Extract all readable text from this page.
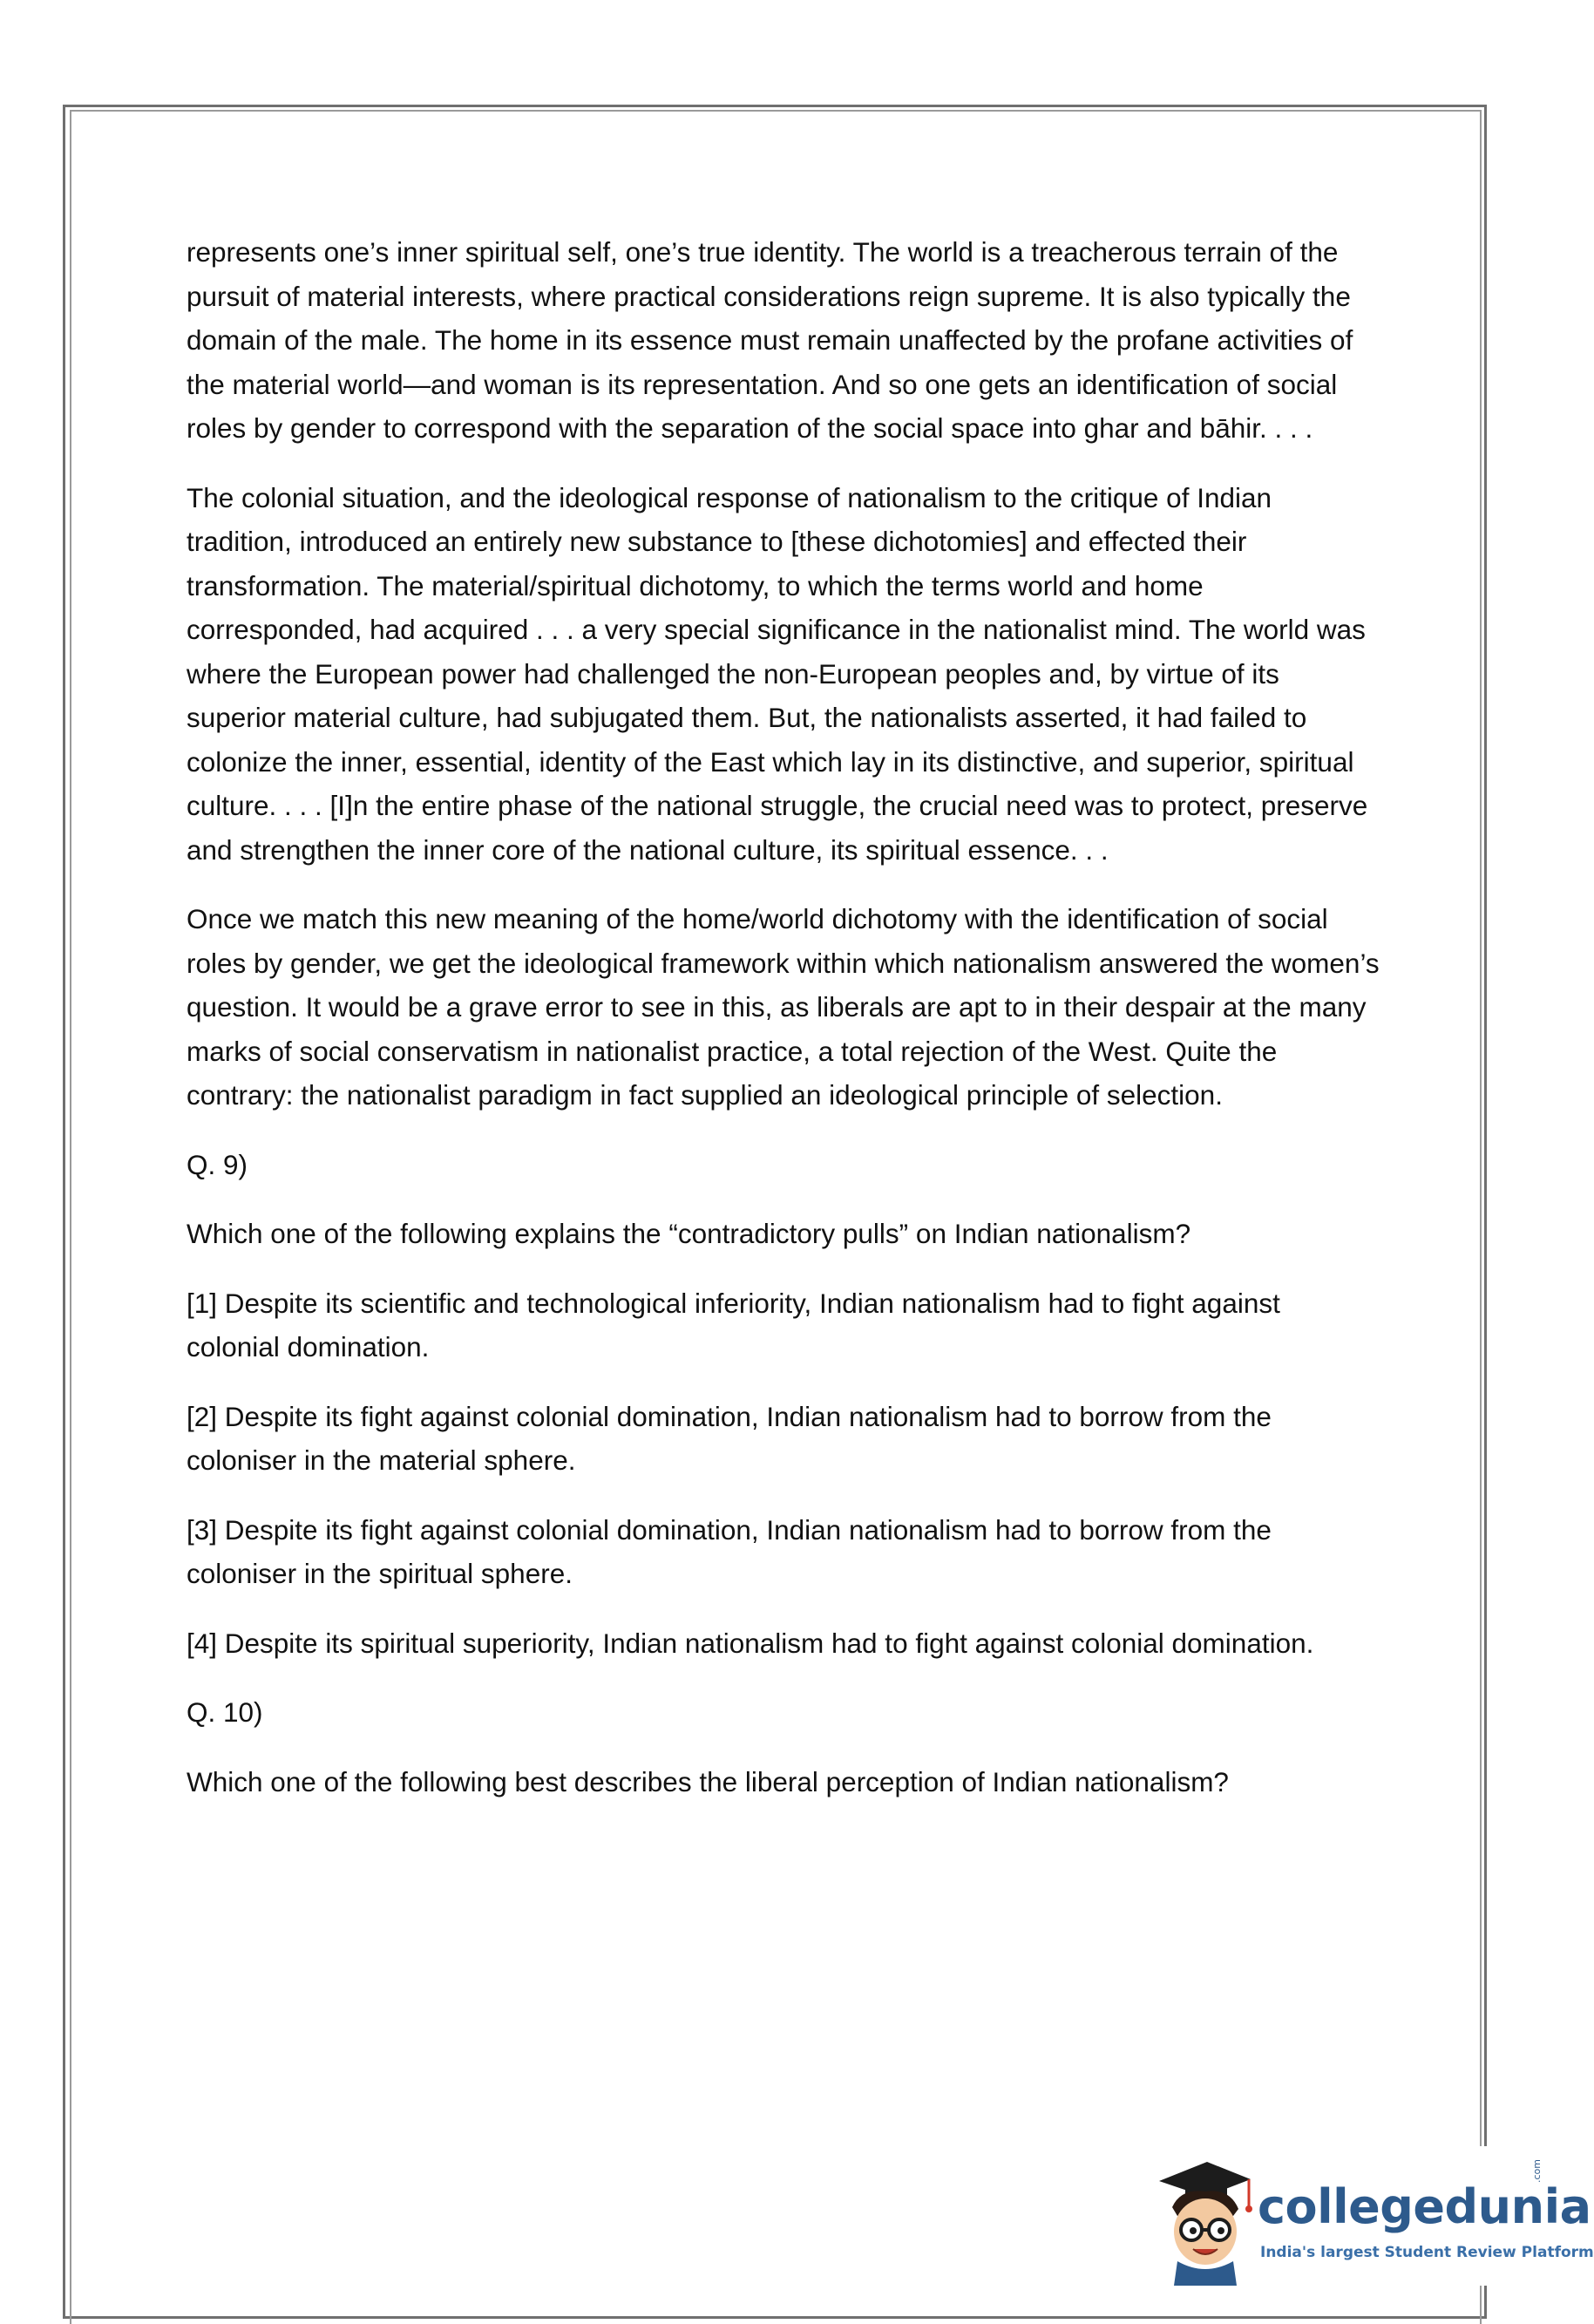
represents one’s inner spiritual self, one’s true identity. The world is a treacherous terrain of the pursuit of material interests, where practical considerations reign supreme. It is also typically the domain of the male. The home in its essence must remain unaffected by the profane activities of the material world—and woman is its representation. And so one gets an identification of social roles by gender to correspond with the separation of the social space into ghar and bāhir. . . .

The colonial situation, and the ideological response of nationalism to the critique of Indian tradition, introduced an entirely new substance to [these dichotomies] and effected their transformation. The material/spiritual dichotomy, to which the terms world and home corresponded, had acquired . . . a very special significance in the nationalist mind. The world was where the European power had challenged the non-European peoples and, by virtue of its superior material culture, had subjugated them. But, the nationalists asserted, it had failed to colonize the inner, essential, identity of the East which lay in its distinctive, and superior, spiritual culture. . . . [I]n the entire phase of the national struggle, the crucial need was to protect, preserve and strengthen the inner core of the national culture, its spiritual essence. . .

Once we match this new meaning of the home/world dichotomy with the identification of social roles by gender, we get the ideological framework within which nationalism answered the women’s question. It would be a grave error to see in this, as liberals are apt to in their despair at the many marks of social conservatism in nationalist practice, a total rejection of the West. Quite the contrary: the nationalist paradigm in fact supplied an ideological principle of selection.

Q. 9)

Which one of the following explains the “contradictory pulls” on Indian nationalism?

[1] Despite its scientific and technological inferiority, Indian nationalism had to fight against colonial domination.

[2] Despite its fight against colonial domination, Indian nationalism had to borrow from the coloniser in the material sphere.

[3] Despite its fight against colonial domination, Indian nationalism had to borrow from the coloniser in the spiritual sphere.

[4] Despite its spiritual superiority, Indian nationalism had to fight against colonial domination.

Q. 10)

Which one of the following best describes the liberal perception of Indian nationalism?

collegedunia
.com
India's largest Student Review Platform
